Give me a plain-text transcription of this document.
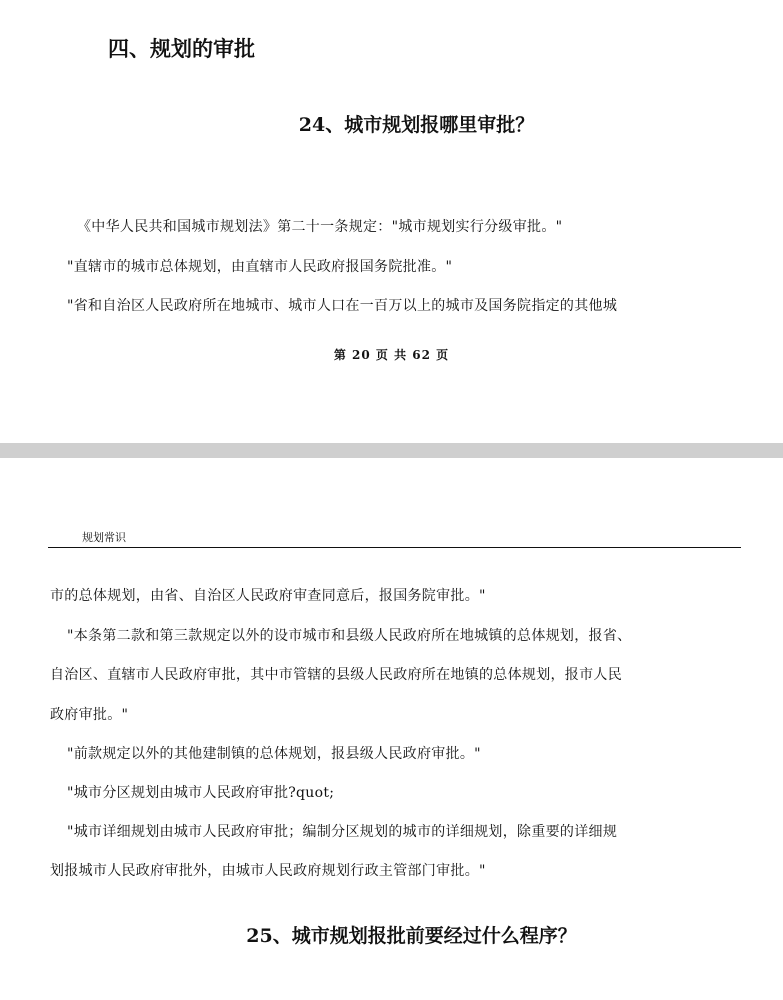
四、规划的审批
24、城市规划报哪里审批？

《中华人民共和国城市规划法》第二十一条规定："城市规划实行分级审批。"

"直辖市的城市总体规划，由直辖市人民政府报国务院批准。"

"省和自治区人民政府所在地城市、城市人口在一百万以上的城市及国务院指定的其他城

第 20 页 共 62 页
规划常识

市的总体规划，由省、自治区人民政府审查同意后，报国务院审批。"

"本条第二款和第三款规定以外的设市城市和县级人民政府所在地城镇的总体规划，报省、

自治区、直辖市人民政府审批，其中市管辖的县级人民政府所在地镇的总体规划，报市人民

政府审批。"

"前款规定以外的其他建制镇的总体规划，报县级人民政府审批。"

"城市分区规划由城市人民政府审批?quot;

"城市详细规划由城市人民政府审批；编制分区规划的城市的详细规划，除重要的详细规

划报城市人民政府审批外，由城市人民政府规划行政主管部门审批。"

25、城市规划报批前要经过什么程序？
